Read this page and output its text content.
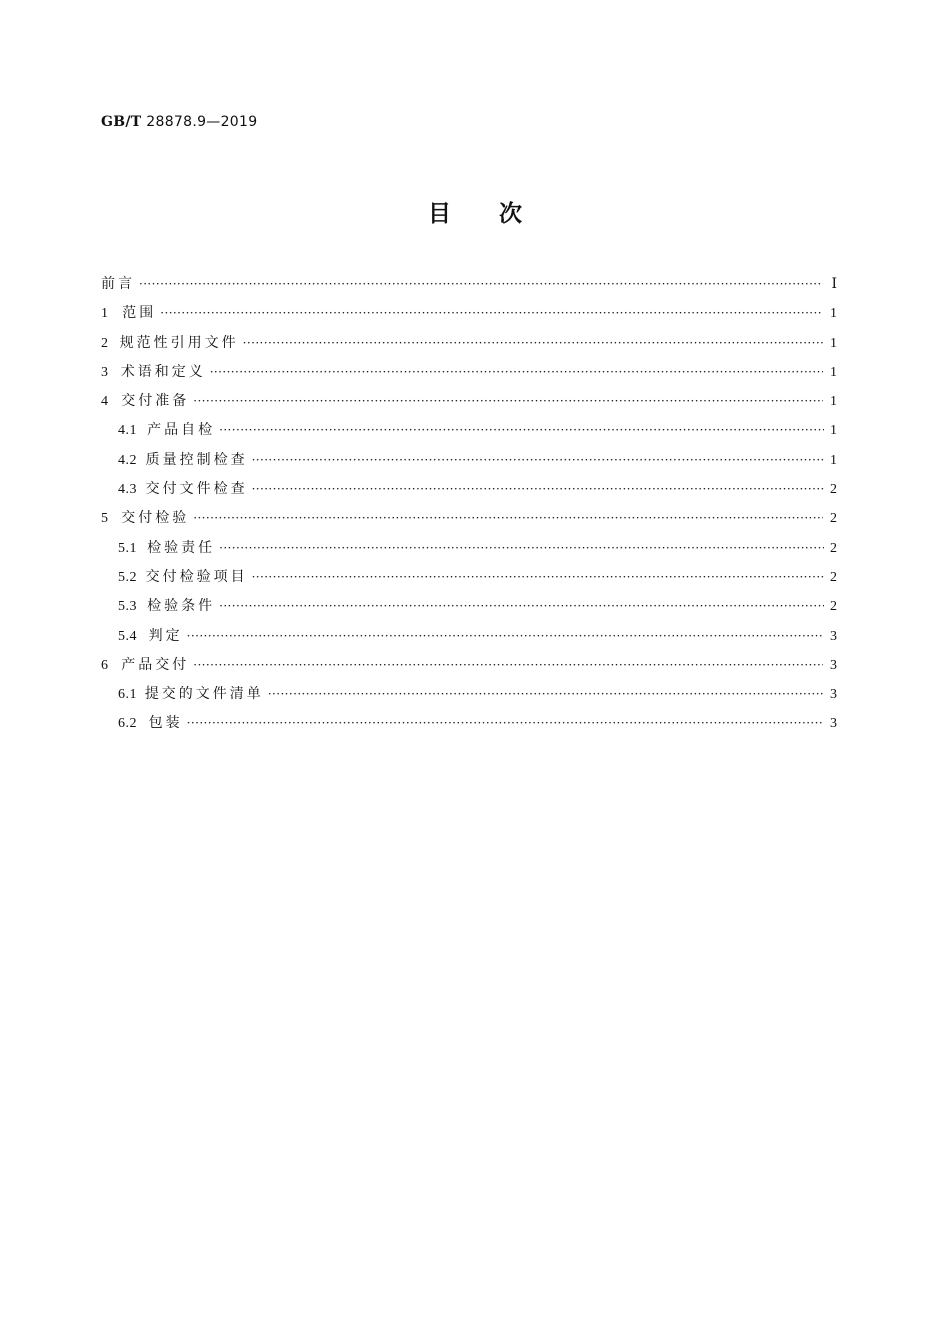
GB/T 28878.9—2019
目次
前言 ·····	Ⅰ
1 范围 ·····	1
2 规范性引用文件 ·····	1
3 术语和定义 ·····	1
4 交付准备 ·····	1
4.1 产品自检 ·····	1
4.2 质量控制检查 ·····	1
4.3 交付文件检查 ·····	2
5 交付检验 ·····	2
5.1 检验责任 ·····	2
5.2 交付检验项目 ·····	2
5.3 检验条件 ·····	2
5.4 判定 ·····	3
6 产品交付 ·····	3
6.1 提交的文件清单 ·····	3
6.2 包装 ·····	3
